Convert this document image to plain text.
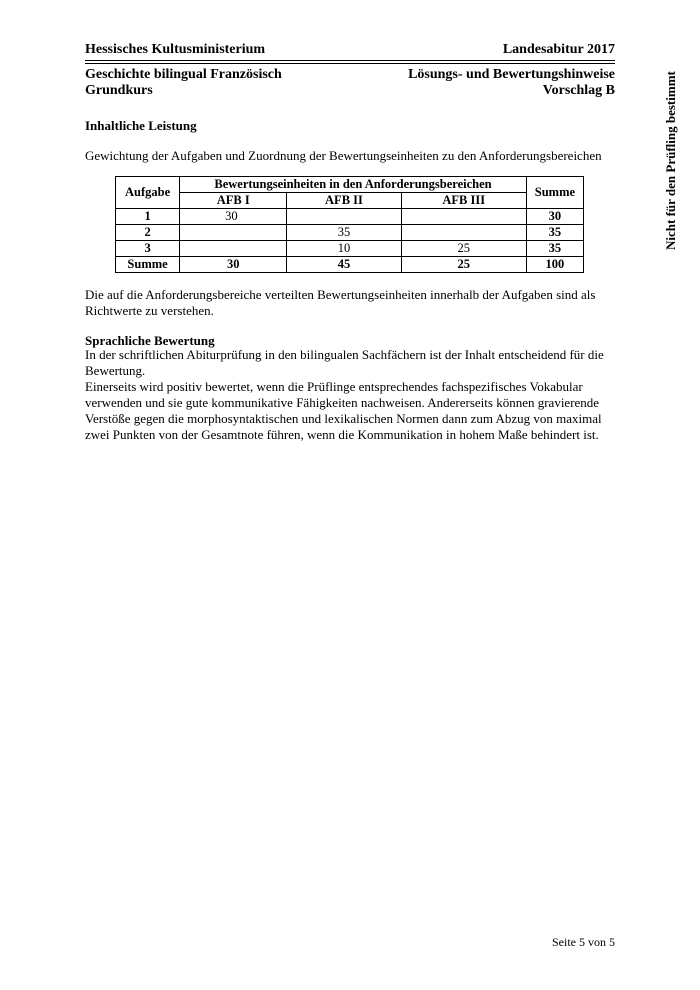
Hessisches Kultusministerium	Landesabitur 2017
Geschichte bilingual Französisch	Lösungs- und Bewertungshinweise
Grundkurs	Vorschlag B	Nicht für den Prüfling bestimmt
Inhaltliche Leistung
Gewichtung der Aufgaben und Zuordnung der Bewertungseinheiten zu den Anforderungsbereichen
Aufgabe	Bewertungseinheiten in den Anforderungsbereichen			Summe
	AFB I	AFB II	AFB III	
1	30			30
2		35		35
3		10	25	35
Summe	30	45	25	100
Die auf die Anforderungsbereiche verteilten Bewertungseinheiten innerhalb der Aufgaben sind als Richtwerte zu verstehen.
Sprachliche Bewertung
In der schriftlichen Abiturprüfung in den bilingualen Sachfächern ist der Inhalt entscheidend für die Bewertung.
Einerseits wird positiv bewertet, wenn die Prüflinge entsprechendes fachspezifisches Vokabular verwenden und sie gute kommunikative Fähigkeiten nachweisen. Andererseits können gravierende Verstöße gegen die morphosyntaktischen und lexikalischen Normen dann zum Abzug von maximal zwei Punkten von der Gesamtnote führen, wenn die Kommunikation in hohem Maße behindert ist.
Seite 5 von 5
